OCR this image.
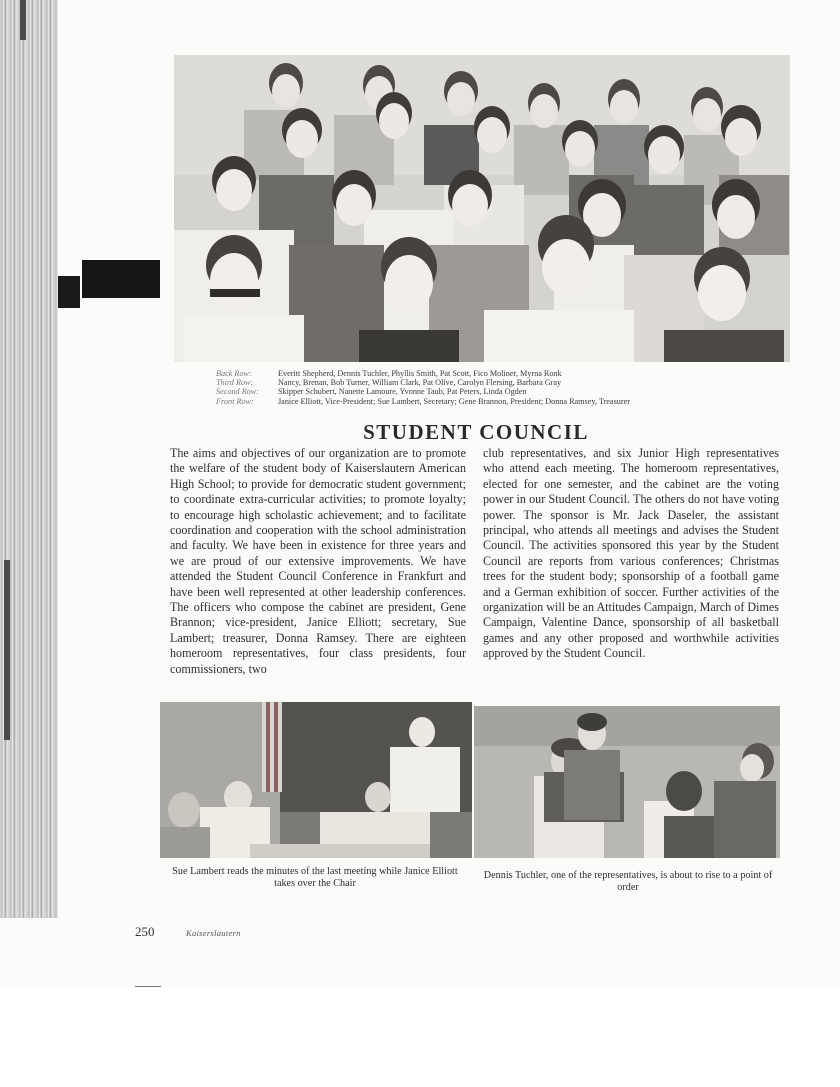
Back Row:	Everitt Shepherd, Dennis Tuchler, Phyllis Smith, Pat Scott, Fico Moliner, Myrna Ronk
Third Row:	Nancy, Brenan, Bob Turner, William Clark, Pat Olive, Carolyn Flersing, Barbara Gray
Second Row:	Skipper Schubert, Nanette Lamoure, Yvonne Taub, Pat Peters, Linda Ogden
Front Row:	Janice Elliott, Vice-President; Sue Lambert, Secretary; Gene Brannon, President; Donna Ramsey, Treasurer
STUDENT COUNCIL
The aims and objectives of our organization are to promote the welfare of the student body of Kaiserslautern American High School; to provide for democratic student government; to coordinate extra-curricular activities; to promote loyalty; to encourage high scholastic achievement; and to facilitate coordination and cooperation with the school administration and faculty. We have been in existence for three years and we are proud of our extensive improvements. We have attended the Student Council Conference in Frankfurt and have been well represented at other leadership conferences. The officers who compose the cabinet are president, Gene Brannon; vice-president, Janice Elliott; secretary, Sue Lambert; treasurer, Donna Ramsey. There are eighteen homeroom representatives, four class presidents, four commissioners, two
club representatives, and six Junior High representatives who attend each meeting. The homeroom representatives, elected for one semester, and the cabinet are the voting power in our Student Council. The others do not have voting power. The sponsor is Mr. Jack Daseler, the assistant principal, who attends all meetings and advises the Student Council. The activities sponsored this year by the Student Council are reports from various conferences; Christmas trees for the student body; sponsorship of a football game and a German exhibition of soccer. Further activities of the organization will be an Attitudes Campaign, March of Dimes Campaign, Valentine Dance, sponsorship of all basketball games and any other proposed and worthwhile activities approved by the Student Council.
Sue Lambert reads the minutes of the last meeting while Janice Elliott takes over the Chair
Dennis Tuchler, one of the representatives, is about to rise to a point of order
250	Kaiserslautern
